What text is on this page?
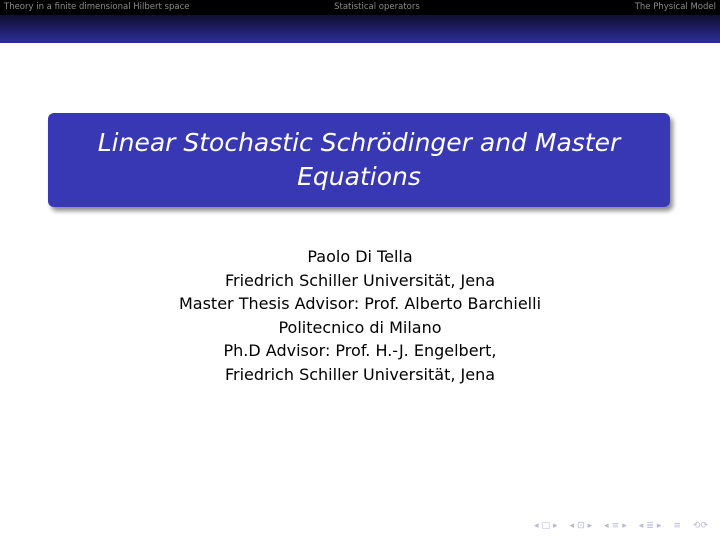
Theory in a finite dimensional Hilbert space	Statistical operators	The Physical Model
Linear Stochastic Schrödinger and Master
Equations
Paolo Di Tella
Friedrich Schiller Universität, Jena
Master Thesis Advisor: Prof. Alberto Barchielli
Politecnico di Milano
Ph.D Advisor: Prof. H.-J. Engelbert,
Friedrich Schiller Universität, Jena
◂ □ ▸ ◂ ⊡ ▸ ◂ ≡ ▸ ◂ ≣ ▸ ≡ ⟲⟳
